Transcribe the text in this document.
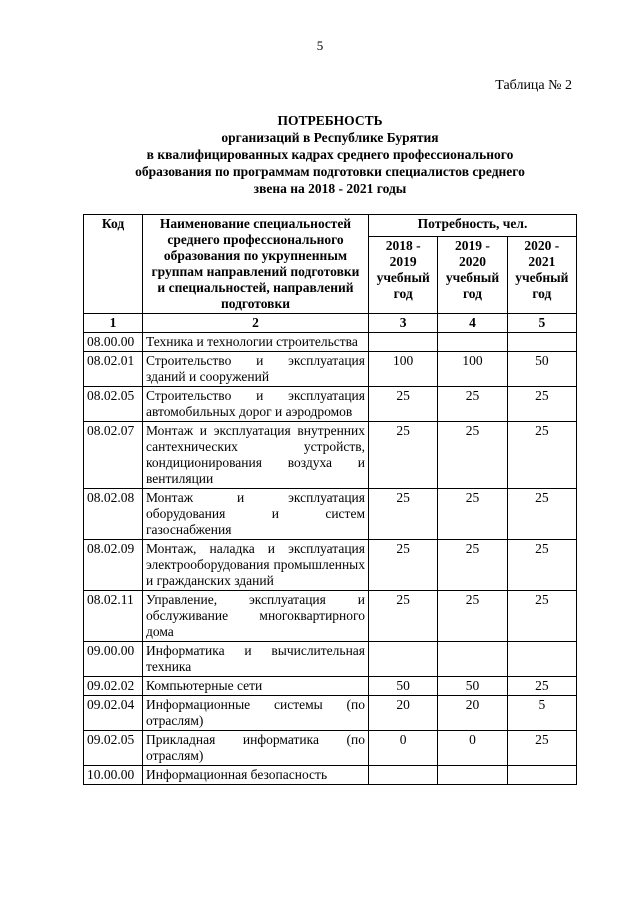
5
Таблица № 2
ПОТРЕБНОСТЬ
организаций в Республике Бурятия
в квалифицированных кадрах среднего профессионального
образования по программам подготовки специалистов среднего
звена на 2018 - 2021 годы
Код	Наименование специальностей среднего профессионального образования по укрупненным группам направлений подготовки и специальностей, направлений подготовки	Потребность, чел.		
		2018 - 2019 учебный год	2019 - 2020 учебный год	2020 - 2021 учебный год
1	2	3	4	5
08.00.00	Техника и технологии строительства			
08.02.01	Строительство и эксплуатация зданий и сооружений	100	100	50
08.02.05	Строительство и эксплуатация автомобильных дорог и аэродромов	25	25	25
08.02.07	Монтаж и эксплуатация внутренних сантехнических устройств, кондиционирования воздуха и вентиляции	25	25	25
08.02.08	Монтаж и эксплуатация оборудования и систем газоснабжения	25	25	25
08.02.09	Монтаж, наладка и эксплуатация электрооборудования промышленных и гражданских зданий	25	25	25
08.02.11	Управление, эксплуатация и обслуживание многоквартирного дома	25	25	25
09.00.00	Информатика и вычислительная техника			
09.02.02	Компьютерные сети	50	50	25
09.02.04	Информационные системы (по отраслям)	20	20	5
09.02.05	Прикладная информатика (по отраслям)	0	0	25
10.00.00	Информационная безопасность			
